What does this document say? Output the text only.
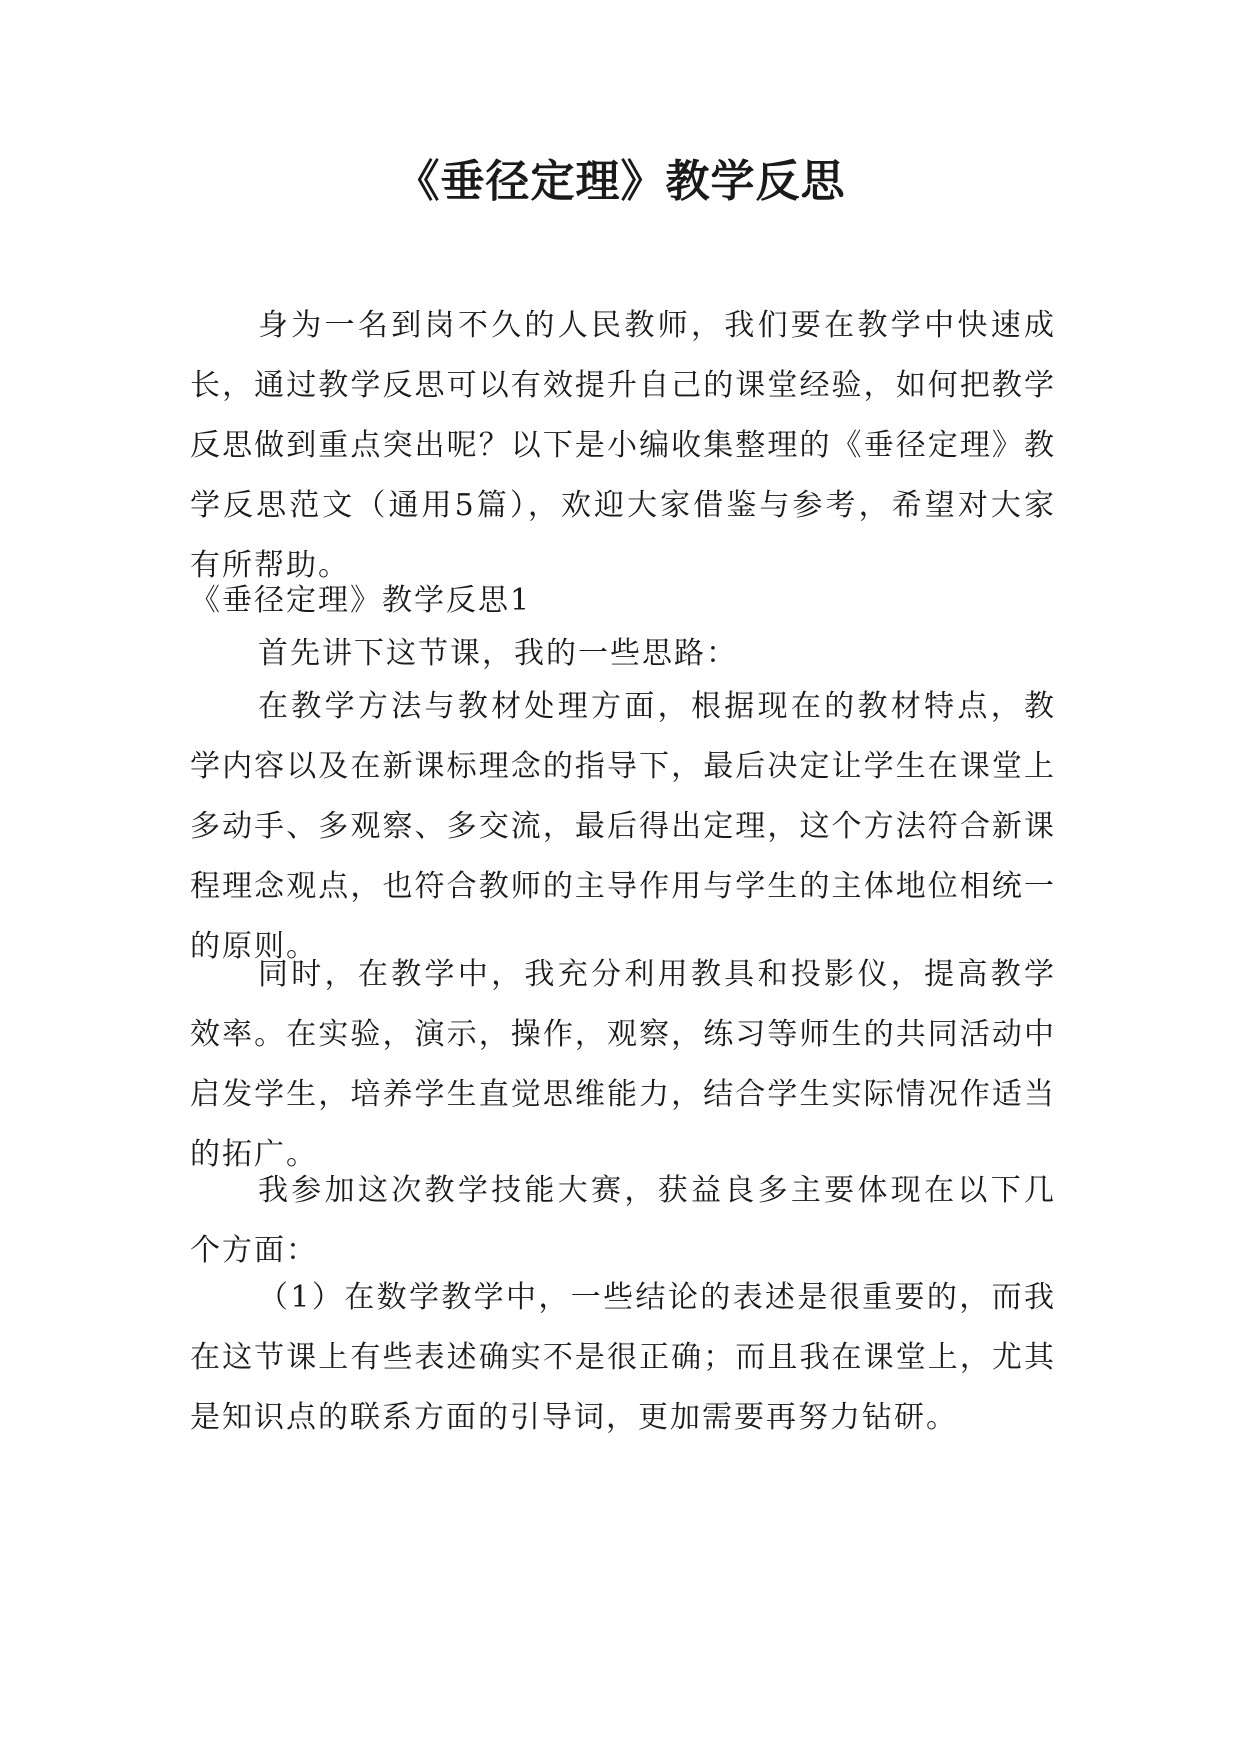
《垂径定理》教学反思

身为一名到岗不久的人民教师，我们要在教学中快速成长，通过教学反思可以有效提升自己的课堂经验，如何把教学反思做到重点突出呢？以下是小编收集整理的《垂径定理》教学反思范文（通用5篇），欢迎大家借鉴与参考，希望对大家有所帮助。

《垂径定理》教学反思1

首先讲下这节课，我的一些思路：

在教学方法与教材处理方面，根据现在的教材特点，教学内容以及在新课标理念的指导下，最后决定让学生在课堂上多动手、多观察、多交流，最后得出定理，这个方法符合新课程理念观点，也符合教师的主导作用与学生的主体地位相统一的原则。

同时，在教学中，我充分利用教具和投影仪，提高教学效率。在实验，演示，操作，观察，练习等师生的共同活动中启发学生，培养学生直觉思维能力，结合学生实际情况作适当的拓广。

我参加这次教学技能大赛，获益良多主要体现在以下几个方面：

（1）在数学教学中，一些结论的表述是很重要的，而我在这节课上有些表述确实不是很正确；而且我在课堂上，尤其是知识点的联系方面的引导词，更加需要再努力钻研。
